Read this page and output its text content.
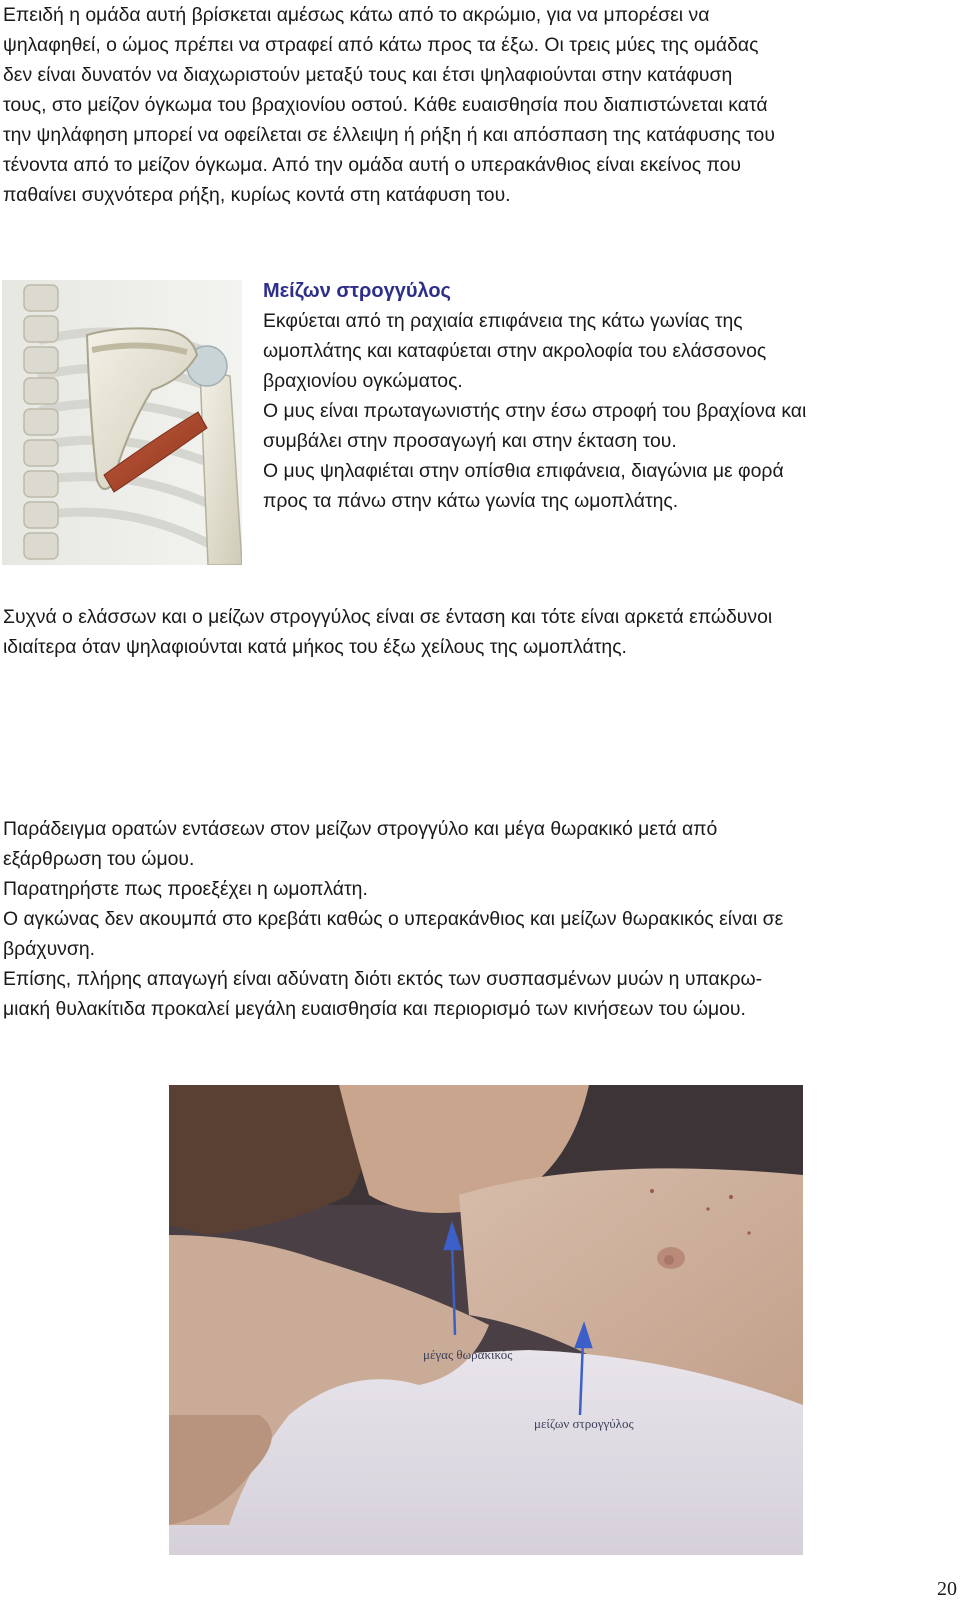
Επειδή η ομάδα αυτή βρίσκεται αμέσως κάτω από το ακρώμιο, για να μπορέσει να
ψηλαφηθεί, ο ώμος πρέπει να στραφεί από κάτω προς τα έξω. Οι τρεις μύες της ομάδας
δεν είναι δυνατόν να διαχωριστούν μεταξύ τους και έτσι ψηλαφιούνται στην κατάφυση
τους, στο μείζον όγκωμα του βραχιονίου οστού. Κάθε ευαισθησία που διαπιστώνεται κατά
την ψηλάφηση μπορεί να οφείλεται σε έλλειψη ή ρήξη ή και απόσπαση της κατάφυσης του
τένοντα από το μείζον όγκωμα. Από την ομάδα αυτή ο υπερακάνθιος είναι εκείνος που
παθαίνει συχνότερα ρήξη, κυρίως κοντά στη κατάφυση του.

Μείζων στρογγύλος
Εκφύεται από τη ραχιαία επιφάνεια της κάτω γωνίας της
ωμοπλάτης και καταφύεται στην ακρολοφία του ελάσσονος
βραχιονίου ογκώματος.
Ο μυς είναι πρωταγωνιστής στην έσω στροφή του βραχίονα και
συμβάλει στην προσαγωγή και στην έκταση του.
Ο μυς ψηλαφιέται στην οπίσθια επιφάνεια, διαγώνια με φορά
προς τα πάνω στην κάτω γωνία της ωμοπλάτης.

Συχνά ο ελάσσων και ο μείζων στρογγύλος είναι σε ένταση και τότε είναι αρκετά επώδυνοι
ιδιαίτερα όταν ψηλαφιούνται κατά μήκος του έξω χείλους της ωμοπλάτης.

Παράδειγμα ορατών εντάσεων στον μείζων στρογγύλο και μέγα θωρακικό μετά από
εξάρθρωση του ώμου.
Παρατηρήστε πως προεξέχει η ωμοπλάτη.
Ο αγκώνας δεν ακουμπά στο κρεβάτι καθώς ο υπερακάνθιος και μείζων θωρακικός είναι σε
βράχυνση.
Επίσης, πλήρης απαγωγή είναι αδύνατη διότι εκτός των συσπασμένων μυών η υπακρω-
μιακή θυλακίτιδα προκαλεί μεγάλη ευαισθησία και περιορισμό των κινήσεων του ώμου.

μέγας θωρακικός
μείζων στρογγύλος
20
